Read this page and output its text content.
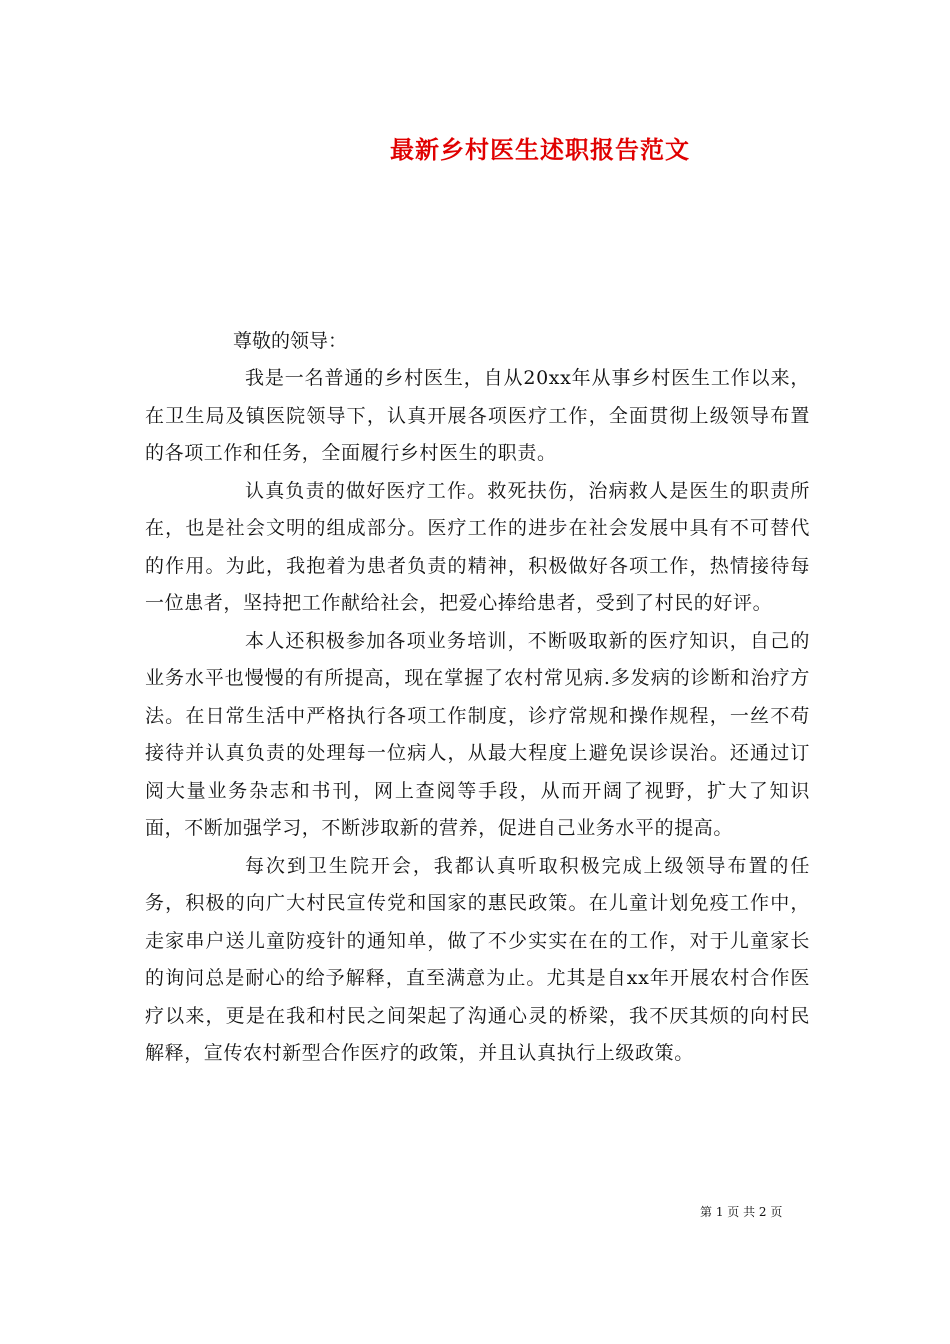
最新乡村医生述职报告范文

尊敬的领导：

我是一名普通的乡村医生，自从20xx年从事乡村医生工作以来，在卫生局及镇医院领导下，认真开展各项医疗工作，全面贯彻上级领导布置的各项工作和任务，全面履行乡村医生的职责。

认真负责的做好医疗工作。救死扶伤，治病救人是医生的职责所在，也是社会文明的组成部分。医疗工作的进步在社会发展中具有不可替代的作用。为此，我抱着为患者负责的精神，积极做好各项工作，热情接待每一位患者，坚持把工作献给社会，把爱心捧给患者，受到了村民的好评。

本人还积极参加各项业务培训，不断吸取新的医疗知识，自己的业务水平也慢慢的有所提高，现在掌握了农村常见病.多发病的诊断和治疗方法。在日常生活中严格执行各项工作制度，诊疗常规和操作规程，一丝不苟接待并认真负责的处理每一位病人，从最大程度上避免误诊误治。还通过订阅大量业务杂志和书刊，网上查阅等手段，从而开阔了视野，扩大了知识面，不断加强学习，不断涉取新的营养，促进自己业务水平的提高。

每次到卫生院开会，我都认真听取积极完成上级领导布置的任务，积极的向广大村民宣传党和国家的惠民政策。在儿童计划免疫工作中，走家串户送儿童防疫针的通知单，做了不少实实在在的工作，对于儿童家长的询问总是耐心的给予解释，直至满意为止。尤其是自xx年开展农村合作医疗以来，更是在我和村民之间架起了沟通心灵的桥梁，我不厌其烦的向村民解释，宣传农村新型合作医疗的政策，并且认真执行上级政策。

第 1 页 共 2 页
